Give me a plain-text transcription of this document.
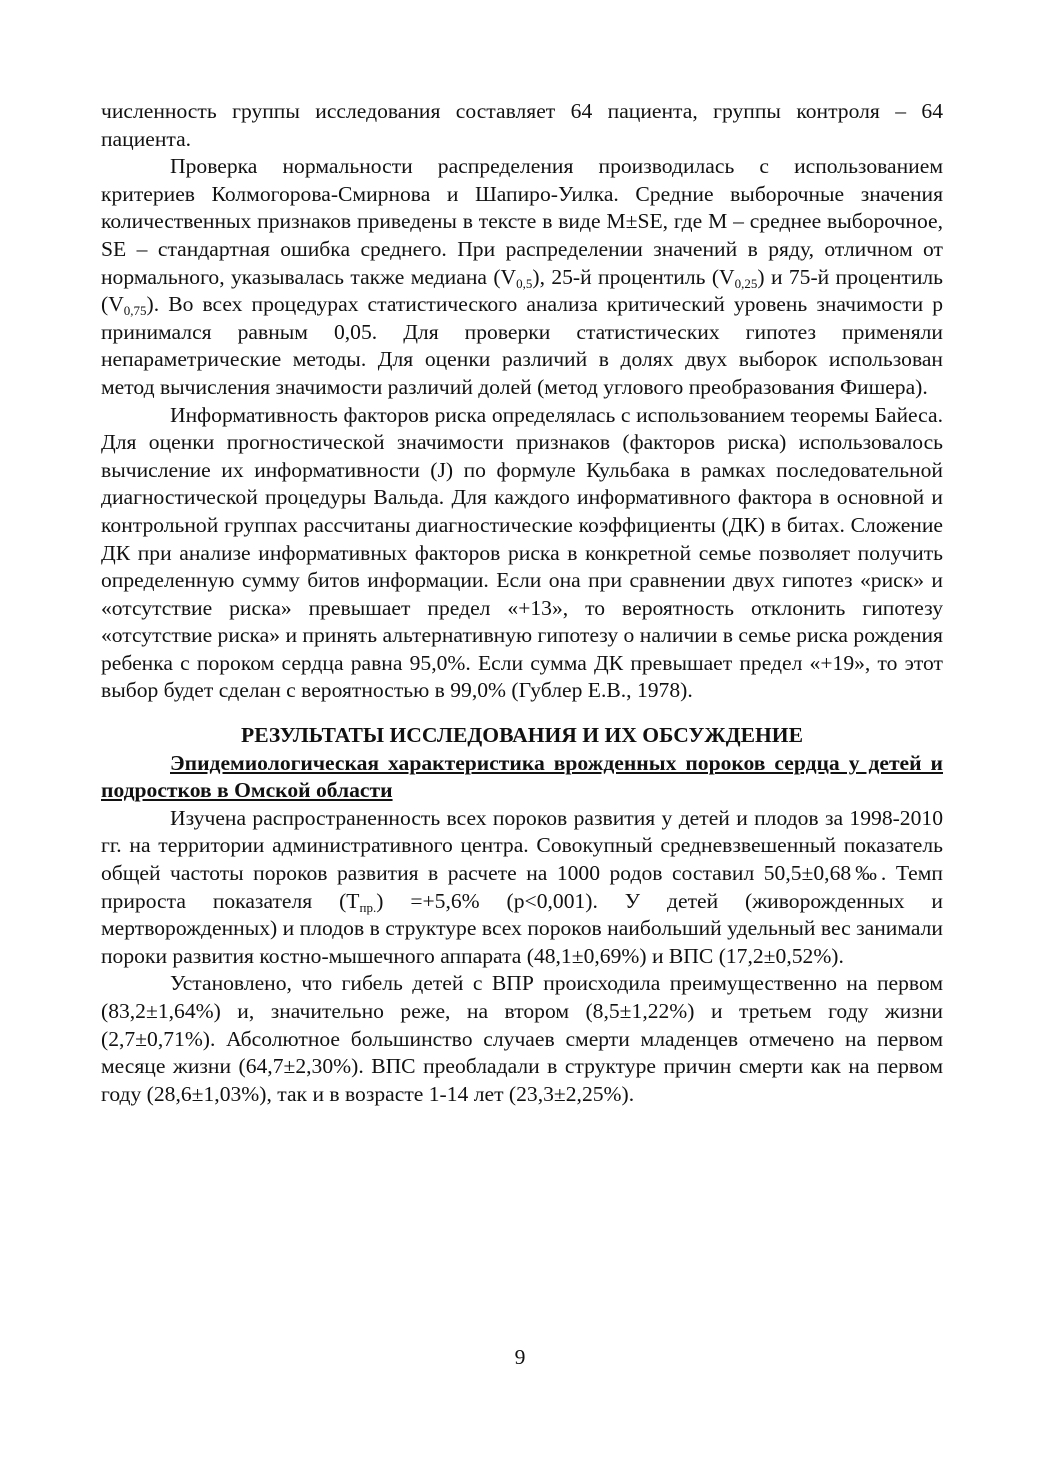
численность группы исследования составляет 64 пациента, группы контроля – 64 пациента.

Проверка нормальности распределения производилась с использованием критериев Колмогорова-Смирнова и Шапиро-Уилка. Средние выборочные значения количественных признаков приведены в тексте в виде M±SE, где M – среднее выборочное, SE – стандартная ошибка среднего. При распределении значений в ряду, отличном от нормального, указывалась также медиана $(V_{0,5})$, 25-й процентиль $(V_{0,25})$ и 75-й процентиль $(V_{0,75})$. Во всех процедурах статистического анализа критический уровень значимости p принимался равным 0,05. Для проверки статистических гипотез применяли непараметрические методы. Для оценки различий в долях двух выборок использован метод вычисления значимости различий долей (метод углового преобразования Фишера).

Информативность факторов риска определялась с использованием теоремы Байеса. Для оценки прогностической значимости признаков (факторов риска) использовалось вычисление их информативности (J) по формуле Кульбака в рамках последовательной диагностической процедуры Вальда. Для каждого информативного фактора в основной и контрольной группах рассчитаны диагностические коэффициенты (ДК) в битах. Сложение ДК при анализе информативных факторов риска в конкретной семье позволяет получить определенную сумму битов информации. Если она при сравнении двух гипотез «риск» и «отсутствие риска» превышает предел «+13», то вероятность отклонить гипотезу «отсутствие риска» и принять альтернативную гипотезу о наличии в семье риска рождения ребенка с пороком сердца равна 95,0%. Если сумма ДК превышает предел «+19», то этот выбор будет сделан с вероятностью в 99,0% (Гублер Е.В., 1978).

РЕЗУЛЬТАТЫ ИССЛЕДОВАНИЯ И ИХ ОБСУЖДЕНИЕ

Эпидемиологическая характеристика врожденных пороков сердца у детей и подростков в Омской области

Изучена распространенность всех пороков развития у детей и плодов за 1998-2010 гг. на территории административного центра. Совокупный средневзвешенный показатель общей частоты пороков развития в расчете на 1000 родов составил 50,5±0,68‰. Темп прироста показателя $(Т_{пр.}) =+5,6\%$ (p<0,001). У детей (живорожденных и мертворожденных) и плодов в структуре всех пороков наибольший удельный вес занимали пороки развития костно-мышечного аппарата (48,1±0,69%) и ВПС (17,2±0,52%).

Установлено, что гибель детей с ВПР происходила преимущественно на первом (83,2±1,64%) и, значительно реже, на втором (8,5±1,22%) и третьем году жизни (2,7±0,71%). Абсолютное большинство случаев смерти младенцев отмечено на первом месяце жизни (64,7±2,30%). ВПС преобладали в структуре причин смерти как на первом году (28,6±1,03%), так и в возрасте 1-14 лет (23,3±2,25%).

9
